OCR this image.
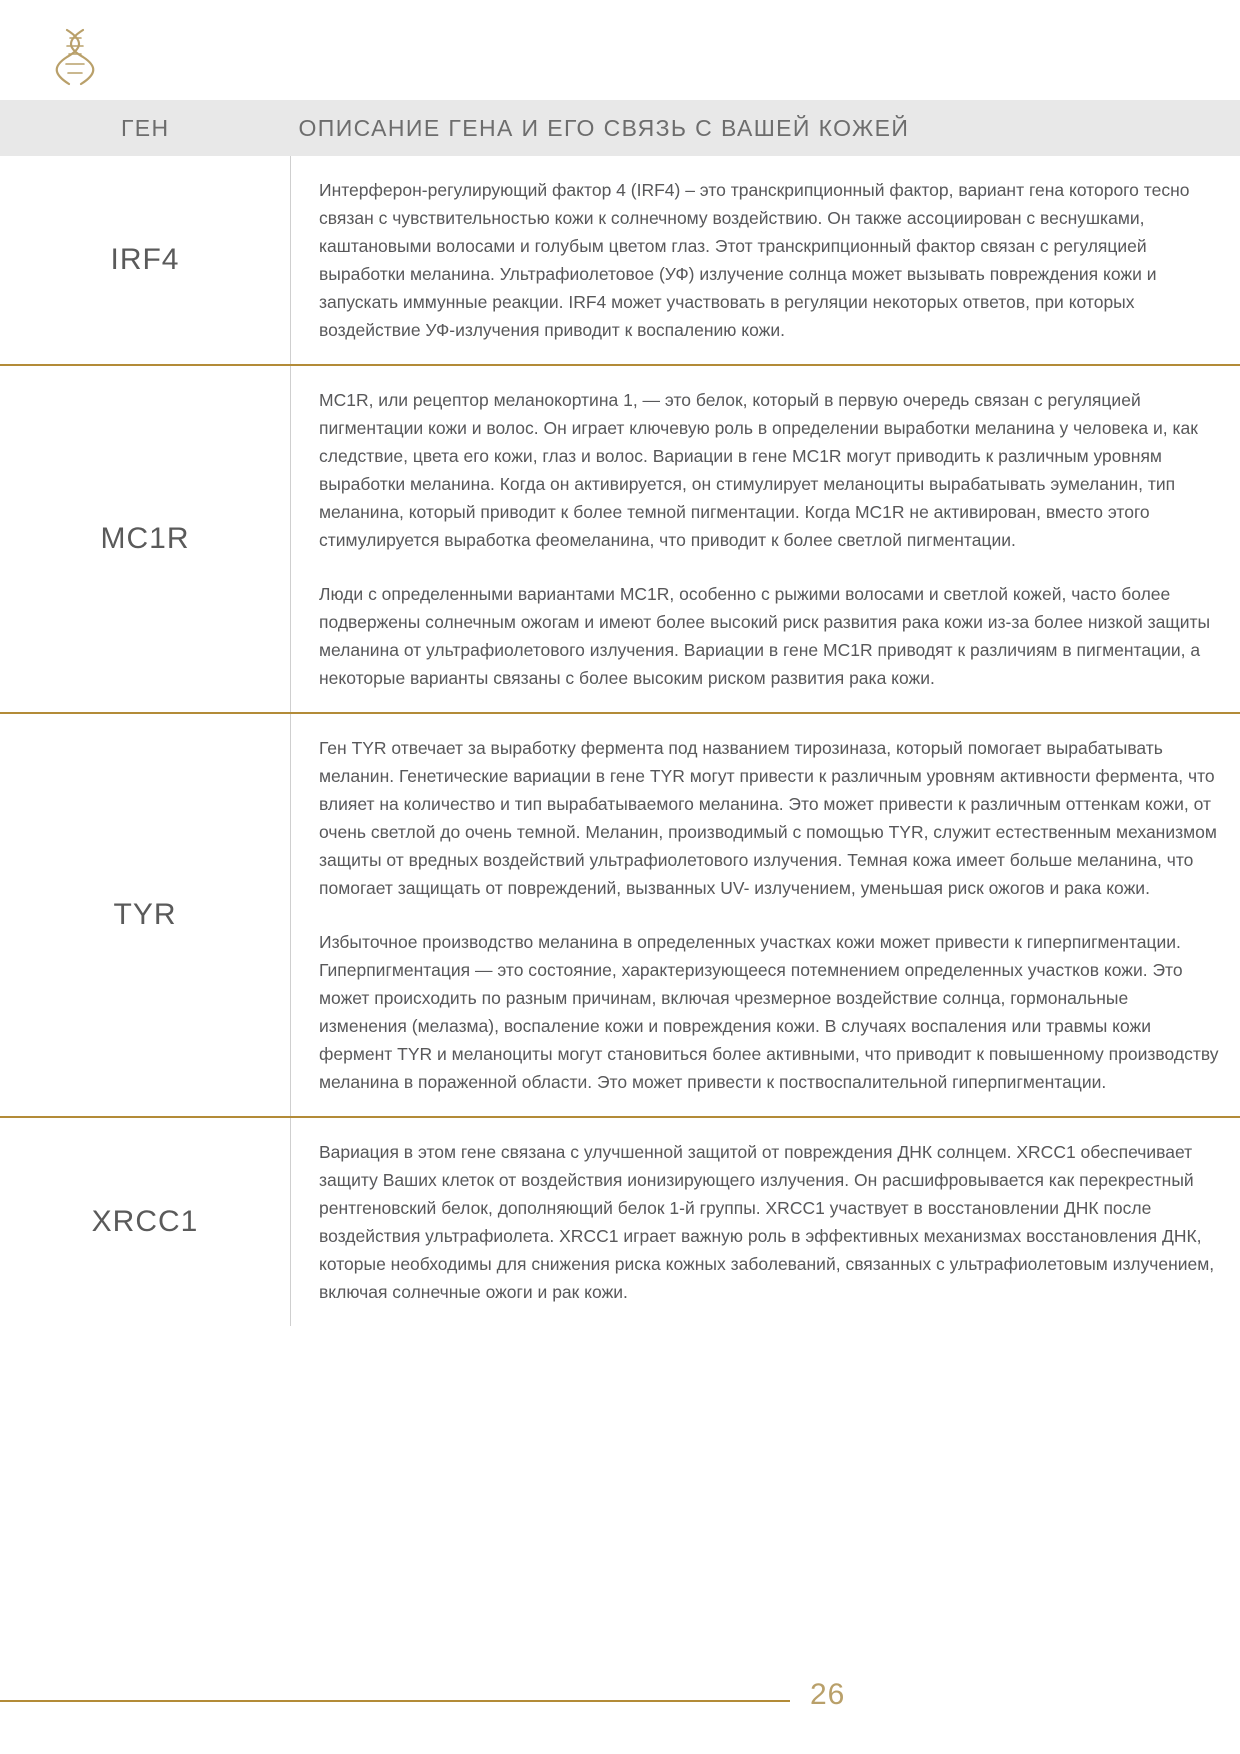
ГЕН	ОПИСАНИЕ ГЕНА И ЕГО СВЯЗЬ С ВАШЕЙ КОЖЕЙ
IRF4	Интерферон-регулирующий фактор 4 (IRF4) – это транскрипционный фактор, вариант гена которого тесно связан с чувствительностью кожи к солнечному воздействию. Он также ассоциирован с веснушками, каштановыми волосами и голубым цветом глаз. Этот транскрипционный фактор связан с регуляцией выработки меланина. Ультрафиолетовое (УФ) излучение солнца может вызывать повреждения кожи и запускать иммунные реакции. IRF4 может участвовать в регуляции некоторых ответов, при которых воздействие УФ-излучения приводит к воспалению кожи.

MC1R	MC1R, или рецептор меланокортина 1, — это белок, который в первую очередь связан с регуляцией пигментации кожи и волос. Он играет ключевую роль в определении выработки меланина у человека и, как следствие, цвета его кожи, глаз и волос. Вариации в гене MC1R могут приводить к различным уровням выработки меланина. Когда он активируется, он стимулирует меланоциты вырабатывать эумеланин, тип меланина, который приводит к более темной пигментации. Когда MC1R не активирован, вместо этого стимулируется выработка феомеланина, что приводит к более светлой пигментации.

Люди с определенными вариантами MC1R, особенно с рыжими волосами и светлой кожей, часто более подвержены солнечным ожогам и имеют более высокий риск развития рака кожи из-за более низкой защиты меланина от ультрафиолетового излучения. Вариации в гене MC1R приводят к различиям в пигментации, а некоторые варианты связаны с более высоким риском развития рака кожи.

TYR	Ген TYR отвечает за выработку фермента под названием тирозиназа, который помогает вырабатывать меланин. Генетические вариации в гене TYR могут привести к различным уровням активности фермента, что влияет на количество и тип вырабатываемого меланина. Это может привести к различным оттенкам кожи, от очень светлой до очень темной. Меланин, производимый с помощью TYR, служит естественным механизмом защиты от вредных воздействий ультрафиолетового излучения. Темная кожа имеет больше меланина, что помогает защищать от повреждений, вызванных UV- излучением, уменьшая риск ожогов и рака кожи.

Избыточное производство меланина в определенных участках кожи может привести к гиперпигментации. Гиперпигментация — это состояние, характеризующееся потемнением определенных участков кожи. Это может происходить по разным причинам, включая чрезмерное воздействие солнца, гормональные изменения (мелазма), воспаление кожи и повреждения кожи. В случаях воспаления или травмы кожи фермент TYR и меланоциты могут становиться более активными, что приводит к повышенному производству меланина в пораженной области. Это может привести к поствоспалительной гиперпигментации.

XRCC1	Вариация в этом гене связана с улучшенной защитой от повреждения ДНК солнцем. XRCC1 обеспечивает защиту Ваших клеток от воздействия ионизирующего излучения. Он расшифровывается как перекрестный рентгеновский белок, дополняющий белок 1-й группы. XRCC1 участвует в восстановлении ДНК после воздействия ультрафиолета. XRCC1 играет важную роль в эффективных механизмах восстановления ДНК, которые необходимы для снижения риска кожных заболеваний, связанных с ультрафиолетовым излучением, включая солнечные ожоги и рак кожи.

26
